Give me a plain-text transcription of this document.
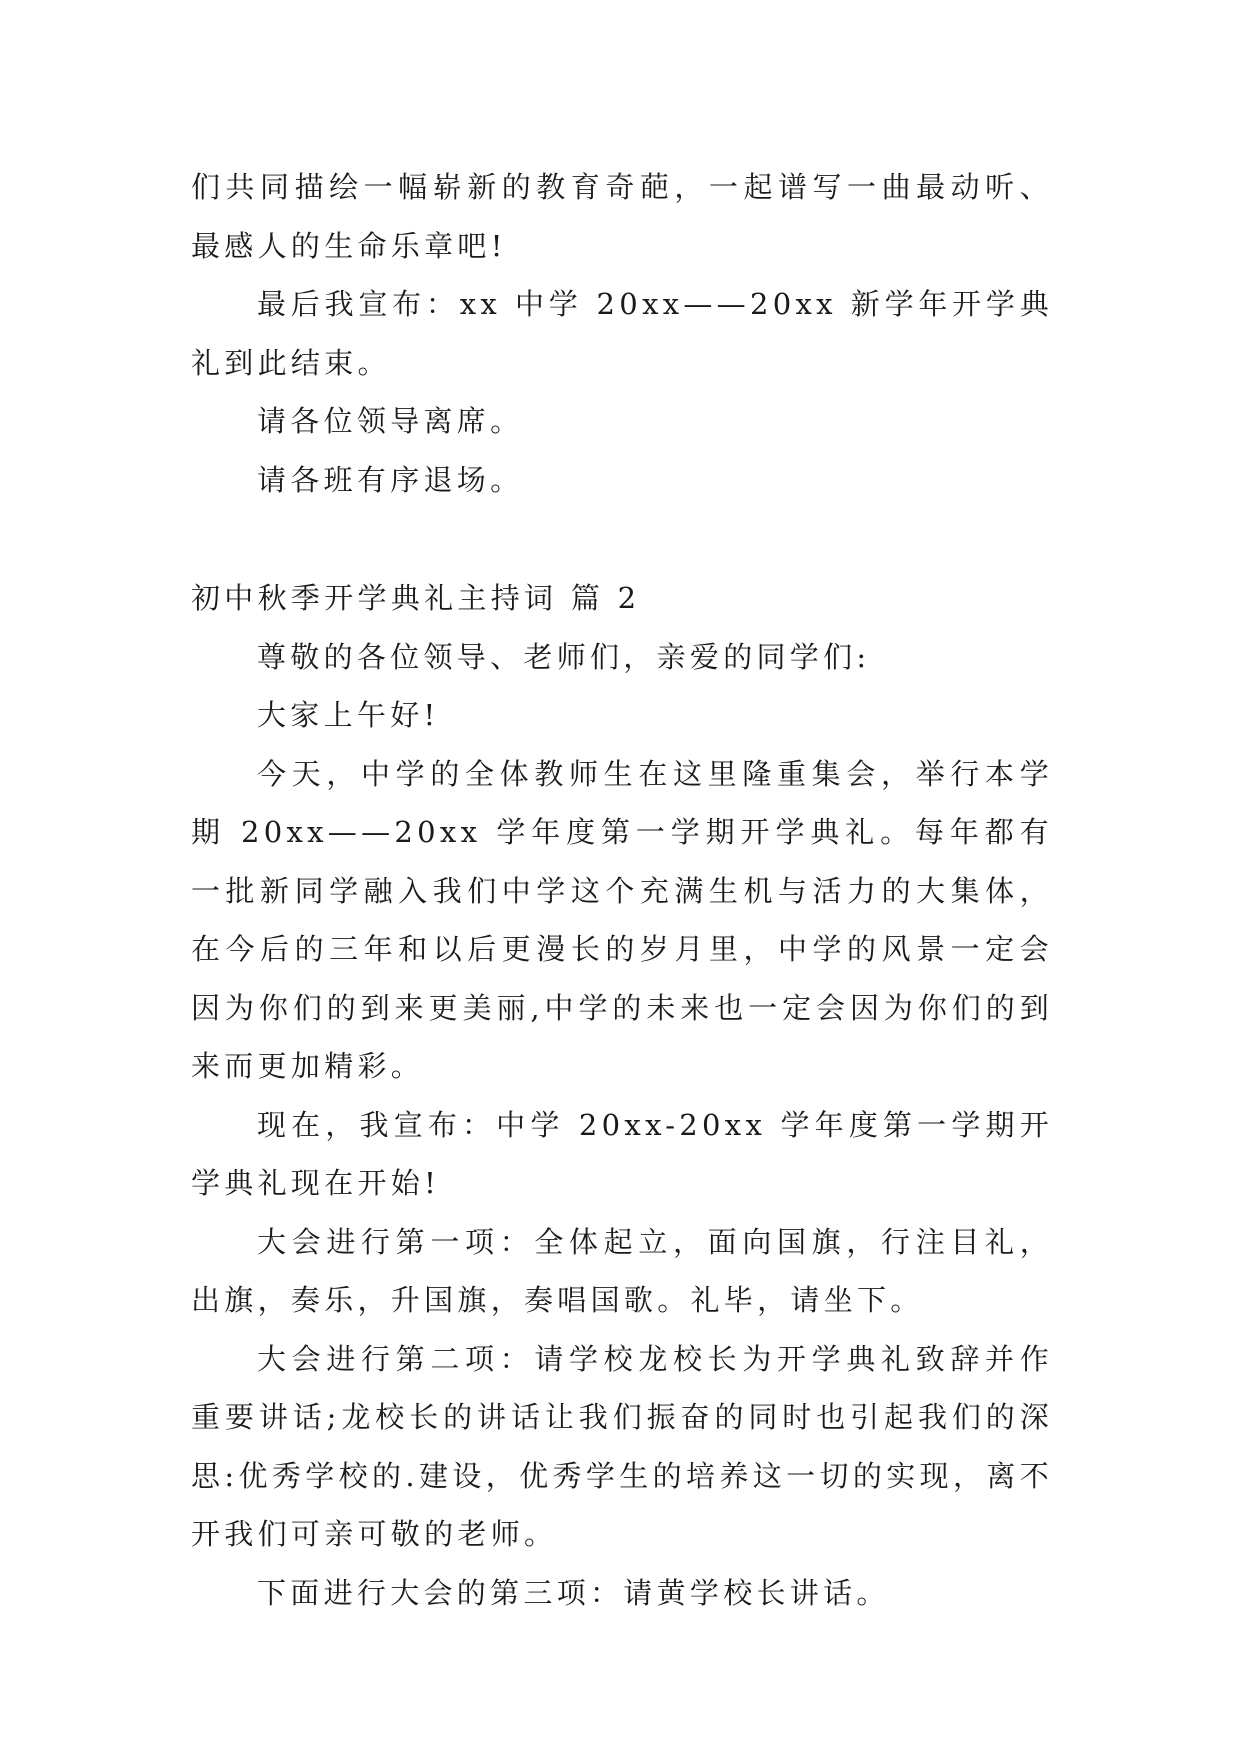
们共同描绘一幅崭新的教育奇葩，一起谱写一曲最动听、最感人的生命乐章吧!

最后我宣布：xx 中学 20xx——20xx 新学年开学典礼到此结束。

请各位领导离席。

请各班有序退场。

初中秋季开学典礼主持词 篇 2

尊敬的各位领导、老师们，亲爱的同学们:

大家上午好!

今天，中学的全体教师生在这里隆重集会，举行本学期 20xx——20xx 学年度第一学期开学典礼。每年都有一批新同学融入我们中学这个充满生机与活力的大集体，在今后的三年和以后更漫长的岁月里，中学的风景一定会因为你们的到来更美丽,中学的未来也一定会因为你们的到来而更加精彩。

现在，我宣布：中学 20xx-20xx 学年度第一学期开学典礼现在开始!

大会进行第一项：全体起立，面向国旗，行注目礼，出旗，奏乐，升国旗，奏唱国歌。礼毕，请坐下。

大会进行第二项：请学校龙校长为开学典礼致辞并作重要讲话;龙校长的讲话让我们振奋的同时也引起我们的深思:优秀学校的.建设，优秀学生的培养这一切的实现，离不开我们可亲可敬的老师。

下面进行大会的第三项：请黄学校长讲话。
